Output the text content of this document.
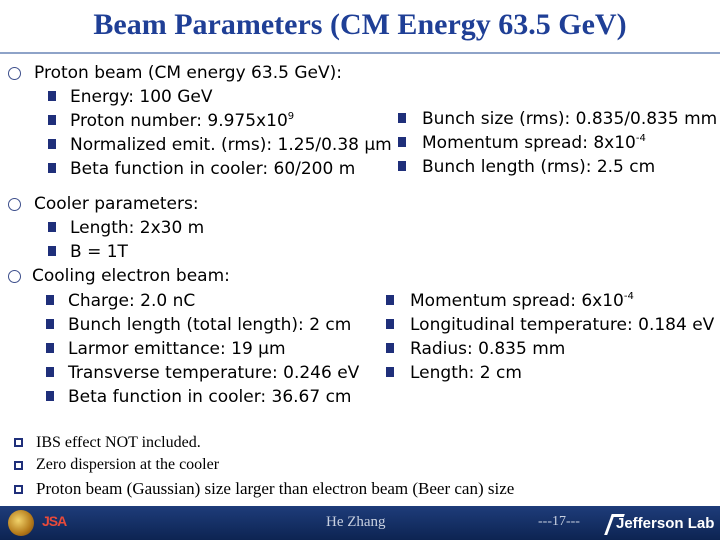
Beam Parameters (CM Energy 63.5 GeV)
Proton beam (CM energy 63.5 GeV):
Energy: 100 GeV
Proton number: $9.975x10^9$
Normalized emit. (rms): 1.25/0.38 μm
Beta function in cooler: 60/200 m
Bunch size (rms): 0.835/0.835 mm
Momentum spread: $8x10^{-4}$
Bunch length (rms): 2.5 cm
Cooler parameters:
Length: 2x30 m
B = 1T
Cooling electron beam:
Charge: 2.0 nC
Bunch length (total length): 2 cm
Larmor emittance: 19 μm
Transverse temperature: 0.246 eV
Beta function in cooler: 36.67 cm
Momentum spread: $6x10^{-4}$
Longitudinal temperature: 0.184 eV
Radius: 0.835 mm
Length: 2 cm
IBS effect NOT included.
Zero dispersion at the cooler
Proton beam (Gaussian) size larger than electron beam (Beer can) size
JSA	He Zhang	---17--- Jefferson Lab
